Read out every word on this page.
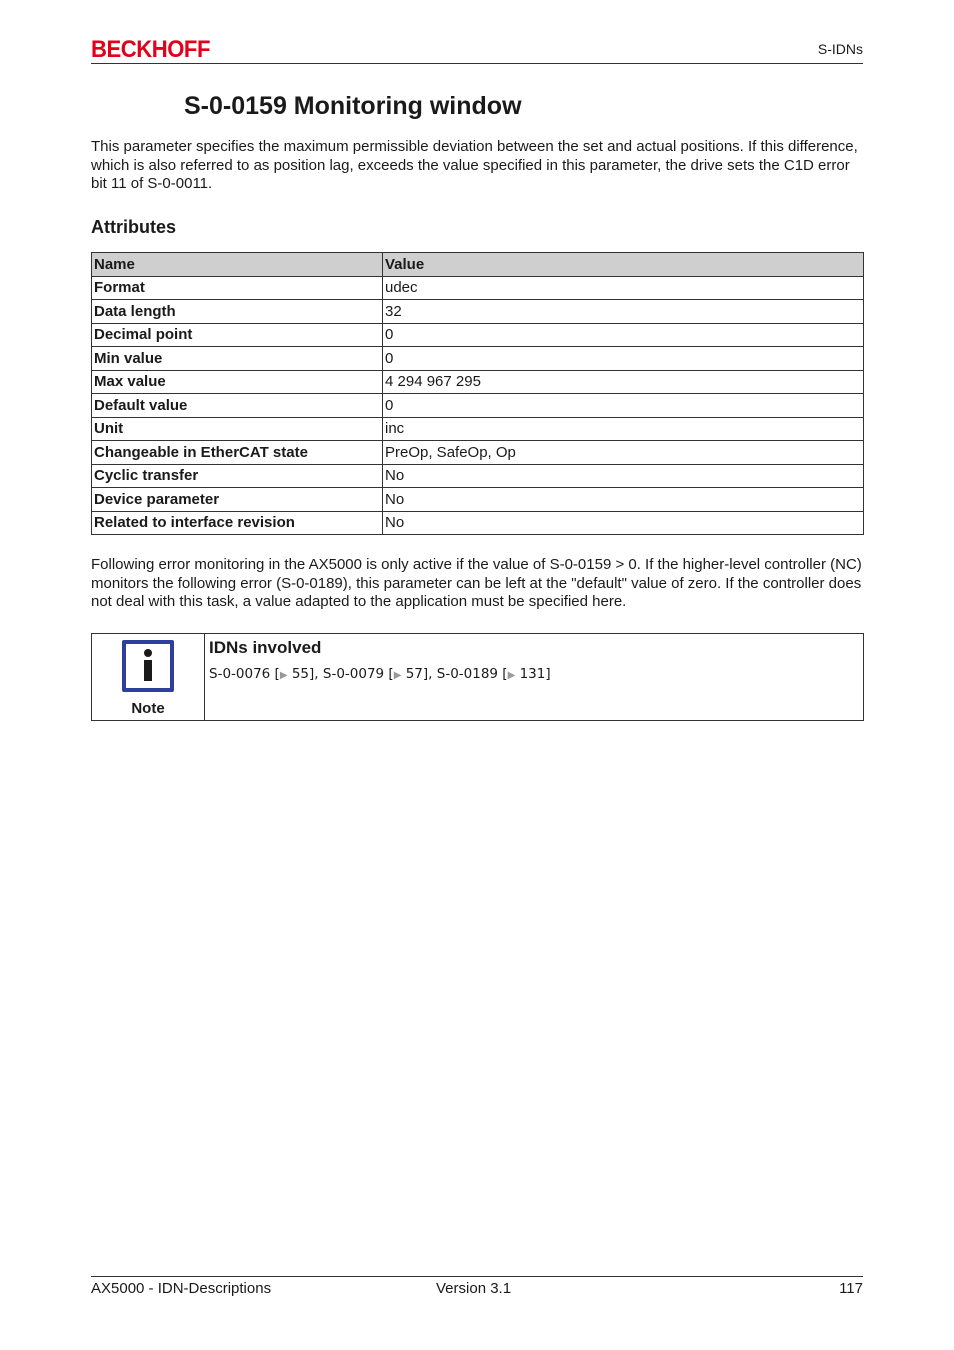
BECKHOFF	S-IDNs
S-0-0159 Monitoring window

This parameter specifies the maximum permissible deviation between the set and actual positions. If this difference, which is also referred to as position lag, exceeds the value specified in this parameter, the drive sets the C1D error bit 11 of S-0-0011.

Attributes
Name	Value
Format	udec
Data length	32
Decimal point	0
Min value	0
Max value	4 294 967 295
Default value	0
Unit	inc
Changeable in EtherCAT state	PreOp, SafeOp, Op
Cyclic transfer	No
Device parameter	No
Related to interface revision	No

Following error monitoring in the AX5000 is only active if the value of S-0-0159 > 0. If the higher-level controller (NC) monitors the following error (S-0-0189), this parameter can be left at the "default" value of zero. If the controller does not deal with this task, a value adapted to the application must be specified here.

Note

IDNs involved

S-0-0076 [▶ 55], S-0-0079 [▶ 57], S-0-0189 [▶ 131]
AX5000 - IDN-Descriptions	Version 3.1	117
